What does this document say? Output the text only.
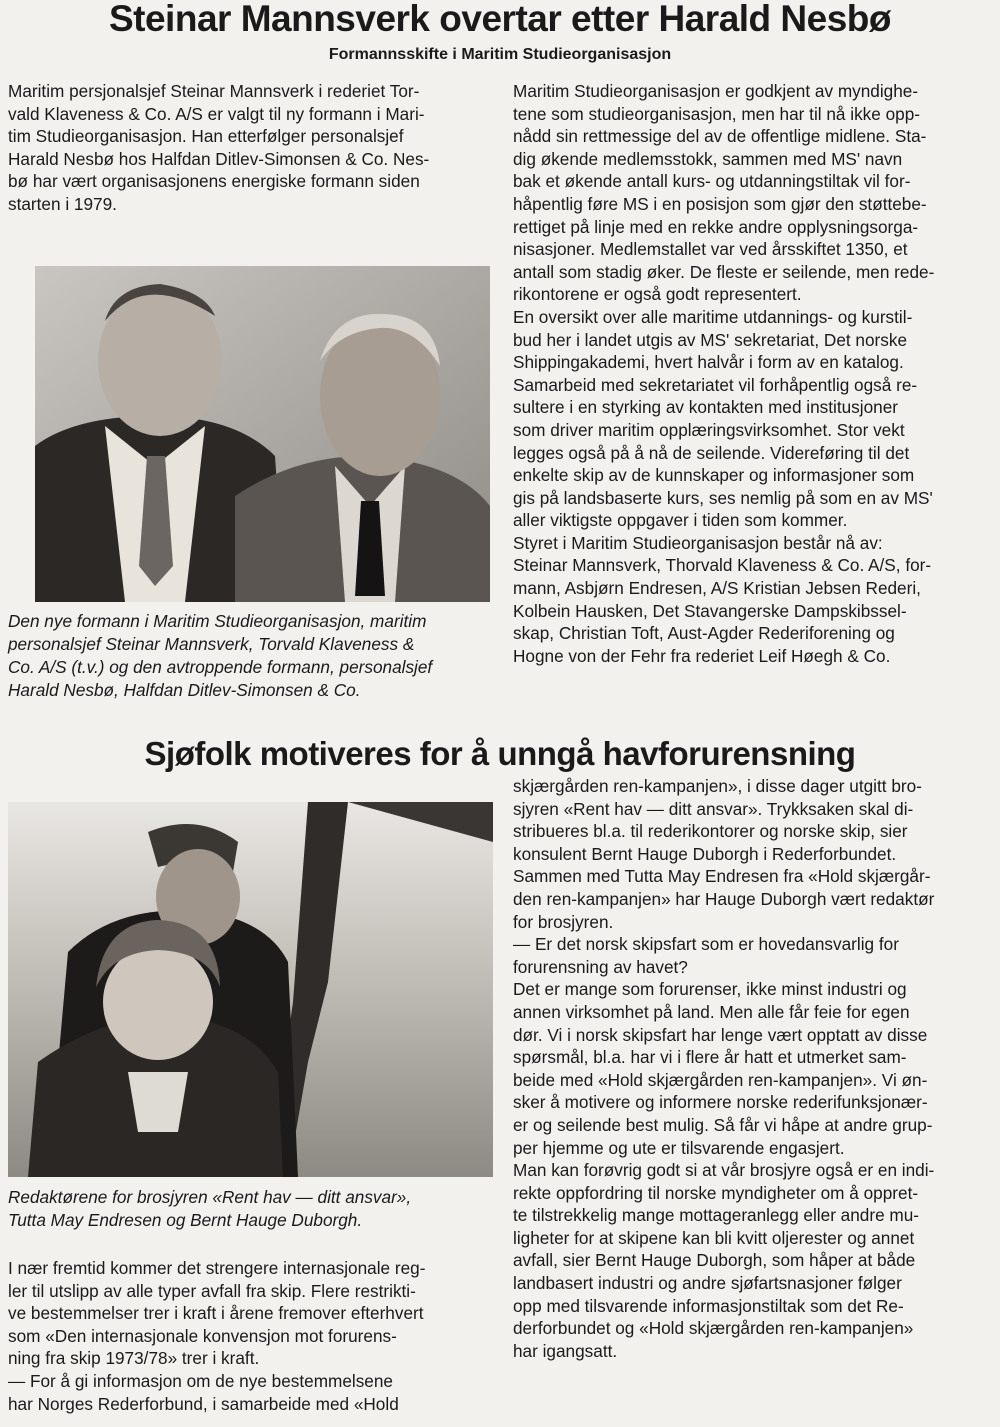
Steinar Mannsverk overtar etter Harald Nesbø
Formannsskifte i Maritim Studieorganisasjon

Maritim persjonalsjef Steinar Mannsverk i rederiet Tor-

vald Klaveness & Co. A/S er valgt til ny formann i Mari-

tim Studieorganisasjon. Han etterfølger personalsjef

Harald Nesbø hos Halfdan Ditlev-Simonsen & Co. Nes-

bø har vært organisasjonens energiske formann siden

starten i 1979.

Den nye formann i Maritim Studieorganisasjon, maritim

personalsjef Steinar Mannsverk, Torvald Klaveness &

Co. A/S (t.v.) og den avtroppende formann, personalsjef

Harald Nesbø, Halfdan Ditlev-Simonsen & Co.

Maritim Studieorganisasjon er godkjent av myndighe-

tene som studieorganisasjon, men har til nå ikke opp-

nådd sin rettmessige del av de offentlige midlene. Sta-

dig økende medlemsstokk, sammen med MS' navn

bak et økende antall kurs- og utdanningstiltak vil for-

håpentlig føre MS i en posisjon som gjør den støttebe-

rettiget på linje med en rekke andre opplysningsorga-

nisasjoner. Medlemstallet var ved årsskiftet 1350, et

antall som stadig øker. De fleste er seilende, men rede-

rikontorene er også godt representert.

En oversikt over alle maritime utdannings- og kurstil-

bud her i landet utgis av MS' sekretariat, Det norske

Shippingakademi, hvert halvår i form av en katalog.

Samarbeid med sekretariatet vil forhåpentlig også re-

sultere i en styrking av kontakten med institusjoner

som driver maritim opplæringsvirksomhet. Stor vekt

legges også på å nå de seilende. Videreføring til det

enkelte skip av de kunnskaper og informasjoner som

gis på landsbaserte kurs, ses nemlig på som en av MS'

aller viktigste oppgaver i tiden som kommer.

Styret i Maritim Studieorganisasjon består nå av:

Steinar Mannsverk, Thorvald Klaveness & Co. A/S, for-

mann, Asbjørn Endresen, A/S Kristian Jebsen Rederi,

Kolbein Hausken, Det Stavangerske Dampskibssel-

skap, Christian Toft, Aust-Agder Rederiforening og

Hogne von der Fehr fra rederiet Leif Høegh & Co.

Sjøfolk motiveres for å unngå havforurensning

Redaktørene for brosjyren «Rent hav — ditt ansvar»,

Tutta May Endresen og Bernt Hauge Duborgh.

I nær fremtid kommer det strengere internasjonale reg-

ler til utslipp av alle typer avfall fra skip. Flere restrikti-

ve bestemmelser trer i kraft i årene fremover efterhvert

som «Den internasjonale konvensjon mot forurens-

ning fra skip 1973/78» trer i kraft.

— For å gi informasjon om de nye bestemmelsene

har Norges Rederforbund, i samarbeide med «Hold

skjærgården ren-kampanjen», i disse dager utgitt bro-

sjyren «Rent hav — ditt ansvar». Trykksaken skal di-

stribueres bl.a. til rederikontorer og norske skip, sier

konsulent Bernt Hauge Duborgh i Rederforbundet.

Sammen med Tutta May Endresen fra «Hold skjærgår-

den ren-kampanjen» har Hauge Duborgh vært redaktør

for brosjyren.

— Er det norsk skipsfart som er hovedansvarlig for

forurensning av havet?

Det er mange som forurenser, ikke minst industri og

annen virksomhet på land. Men alle får feie for egen

dør. Vi i norsk skipsfart har lenge vært opptatt av disse

spørsmål, bl.a. har vi i flere år hatt et utmerket sam-

beide med «Hold skjærgården ren-kampanjen». Vi øn-

sker å motivere og informere norske rederifunksjonær-

er og seilende best mulig. Så får vi håpe at andre grup-

per hjemme og ute er tilsvarende engasjert.

Man kan forøvrig godt si at vår brosjyre også er en indi-

rekte oppfordring til norske myndigheter om å oppret-

te tilstrekkelig mange mottageranlegg eller andre mu-

ligheter for at skipene kan bli kvitt oljerester og annet

avfall, sier Bernt Hauge Duborgh, som håper at både

landbasert industri og andre sjøfartsnasjoner følger

opp med tilsvarende informasjonstiltak som det Re-

derforbundet og «Hold skjærgården ren-kampanjen»

har igangsatt.
